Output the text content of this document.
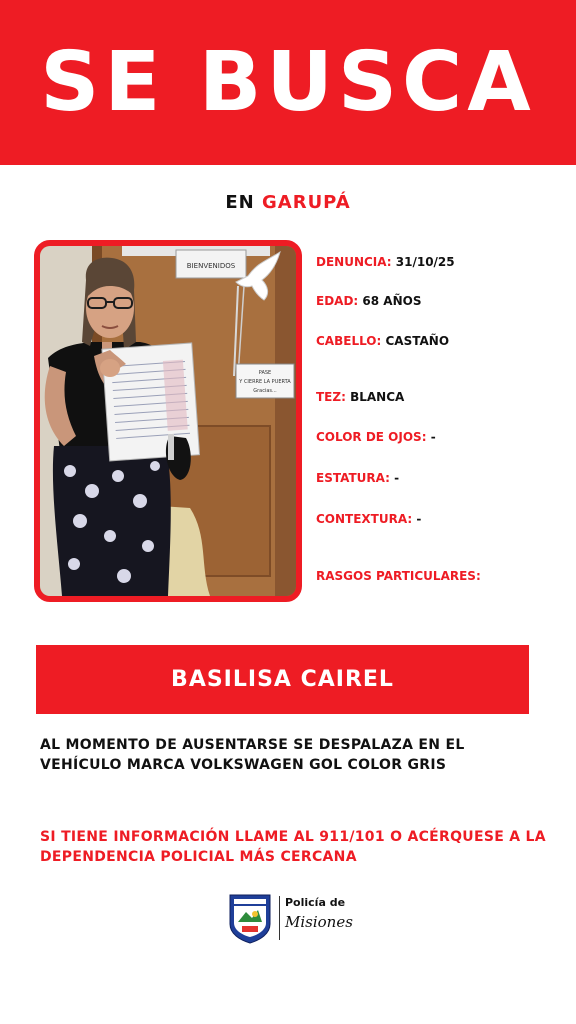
SE BUSCA
EN GARUPÁ
BIENVENIDOS
PASE
Y CIERRE LA PUERTA
Gracias...
DENUNCIA: 31/10/25
EDAD: 68 AÑOS
CABELLO: CASTAÑO
TEZ: BLANCA
COLOR DE OJOS: -
ESTATURA: -
CONTEXTURA: -
RASGOS PARTICULARES:
BASILISA CAIREL
AL MOMENTO DE AUSENTARSE SE DESPALAZA EN EL VEHÍCULO MARCA VOLKSWAGEN GOL COLOR GRIS
SI TIENE INFORMACIÓN LLAME AL 911/101 O ACÉRQUESE A LA DEPENDENCIA POLICIAL MÁS CERCANA
Policía de
Misiones
